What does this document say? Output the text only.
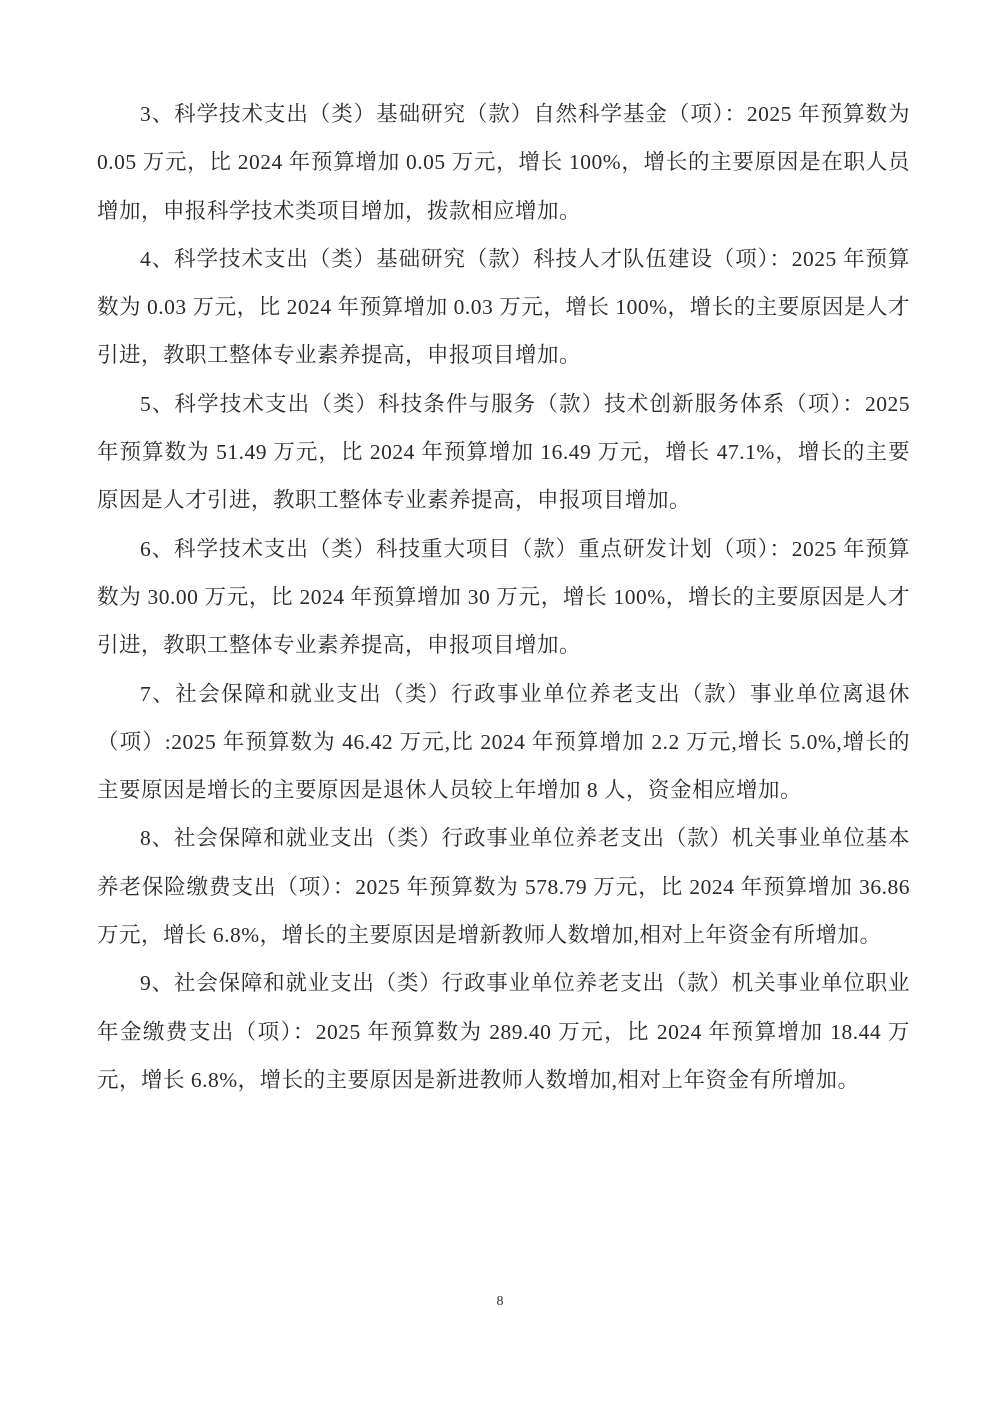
3、科学技术支出（类）基础研究（款）自然科学基金（项）：2025 年预算数为 0.05 万元，比 2024 年预算增加 0.05 万元，增长 100%，增长的主要原因是在职人员增加，申报科学技术类项目增加，拨款相应增加。

4、科学技术支出（类）基础研究（款）科技人才队伍建设（项）：2025 年预算数为 0.03 万元，比 2024 年预算增加 0.03 万元，增长 100%，增长的主要原因是人才引进，教职工整体专业素养提高，申报项目增加。

5、科学技术支出（类）科技条件与服务（款）技术创新服务体系（项）：2025 年预算数为 51.49 万元，比 2024 年预算增加 16.49 万元，增长 47.1%，增长的主要原因是人才引进，教职工整体专业素养提高，申报项目增加。

6、科学技术支出（类）科技重大项目（款）重点研发计划（项）：2025 年预算数为 30.00 万元，比 2024 年预算增加 30 万元，增长 100%，增长的主要原因是人才引进，教职工整体专业素养提高，申报项目增加。

7、社会保障和就业支出（类）行政事业单位养老支出（款）事业单位离退休（项）:2025 年预算数为 46.42 万元,比 2024 年预算增加 2.2 万元,增长 5.0%,增长的主要原因是增长的主要原因是退休人员较上年增加 8 人，资金相应增加。

8、社会保障和就业支出（类）行政事业单位养老支出（款）机关事业单位基本养老保险缴费支出（项）：2025 年预算数为 578.79 万元，比 2024 年预算增加 36.86 万元，增长 6.8%，增长的主要原因是增新教师人数增加,相对上年资金有所增加。

9、社会保障和就业支出（类）行政事业单位养老支出（款）机关事业单位职业年金缴费支出（项）：2025 年预算数为 289.40 万元，比 2024 年预算增加 18.44 万元，增长 6.8%，增长的主要原因是新进教师人数增加,相对上年资金有所增加。

8
